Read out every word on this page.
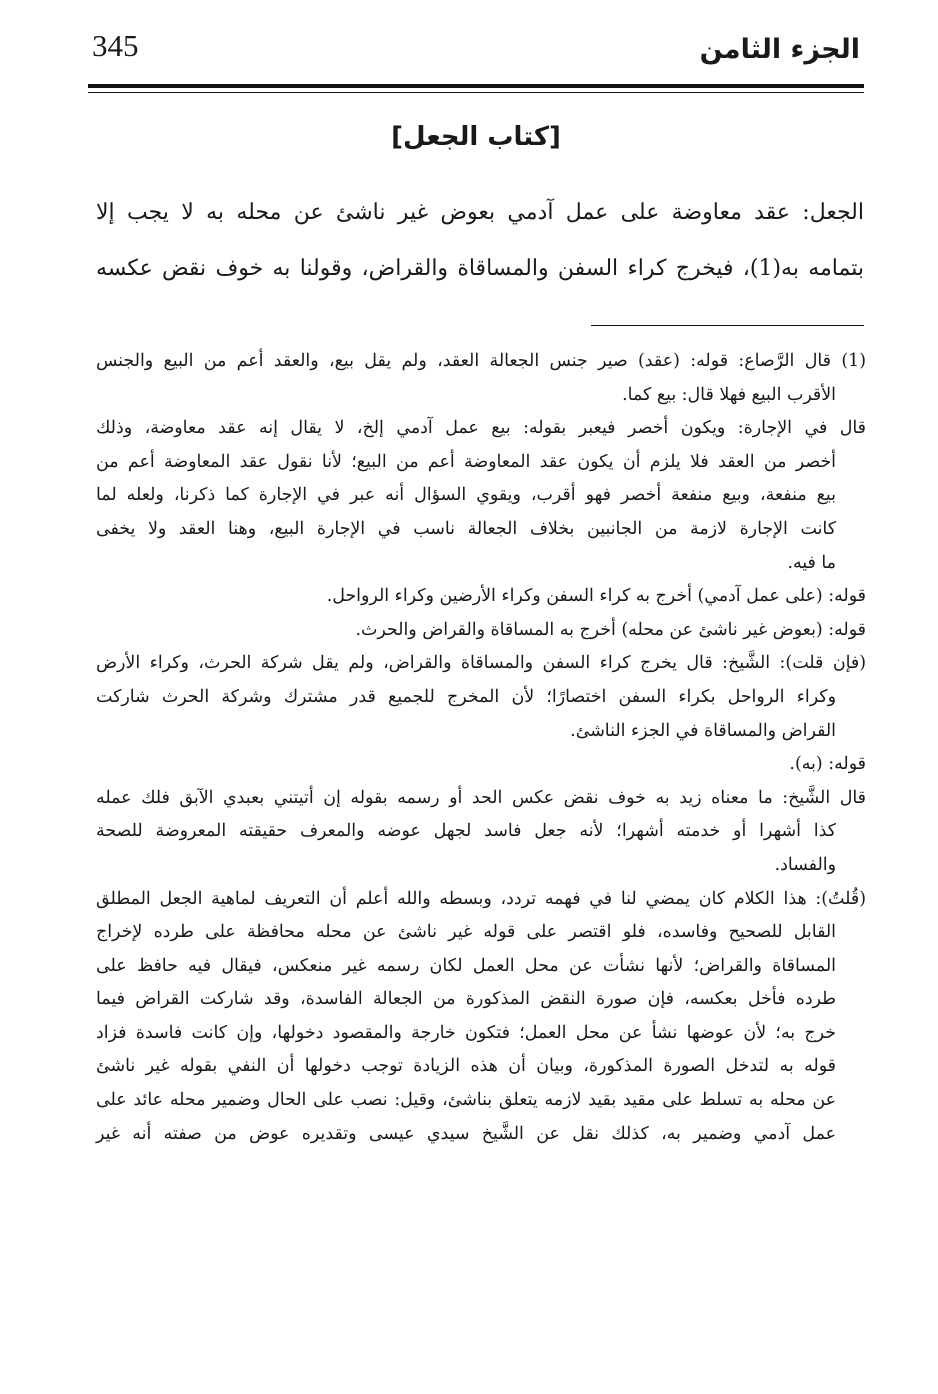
345	الجزء الثامن
[كتاب الجعل]
الجعل: عقد معاوضة على عمل آدمي بعوض غير ناشئ عن محله به لا يجب إلا
بتمامه به(1)، فيخرج كراء السفن والمساقاة والقراض، وقولنا به خوف نقض عكسه
(1) قال الرَّصاع: قوله: (عقد) صير جنس الجعالة العقد، ولم يقل بيع، والعقد أعم من البيع والجنس
الأقرب البيع فهلا قال: بيع كما.
قال في الإجارة: ويكون أخصر فيعبر بقوله: بيع عمل آدمي إلخ، لا يقال إنه عقد معاوضة، وذلك
أخصر من العقد فلا يلزم أن يكون عقد المعاوضة أعم من البيع؛ لأنا نقول عقد المعاوضة أعم من
بيع منفعة، وبيع منفعة أخصر فهو أقرب، ويقوي السؤال أنه عبر في الإجارة كما ذكرنا، ولعله لما
كانت الإجارة لازمة من الجانبين بخلاف الجعالة ناسب في الإجارة البيع، وهنا العقد ولا يخفى
ما فيه.
قوله: (على عمل آدمي) أخرج به كراء السفن وكراء الأرضين وكراء الرواحل.
قوله: (بعوض غير ناشئ عن محله) أخرج به المساقاة والقراض والحرث.
(فإن قلت): الشَّيخ: قال يخرج كراء السفن والمساقاة والقراض، ولم يقل شركة الحرث، وكراء الأرض
وكراء الرواحل بكراء السفن اختصارًا؛ لأن المخرج للجميع قدر مشترك وشركة الحرث شاركت
القراض والمساقاة في الجزء الناشئ.
قوله: (به).
قال الشَّيخ: ما معناه زيد به خوف نقض عكس الحد أو رسمه بقوله إن أتيتني بعبدي الآبق فلك عمله
كذا أشهرا أو خدمته أشهرا؛ لأنه جعل فاسد لجهل عوضه والمعرف حقيقته المعروضة للصحة
والفساد.
(قُلتُ): هذا الكلام كان يمضي لنا في فهمه تردد، وبسطه والله أعلم أن التعريف لماهية الجعل المطلق
القابل للصحيح وفاسده، فلو اقتصر على قوله غير ناشئ عن محله محافظة على طرده لإخراج
المساقاة والقراض؛ لأنها نشأت عن محل العمل لكان رسمه غير منعكس، فيقال فيه حافظ على
طرده فأخل بعكسه، فإن صورة النقض المذكورة من الجعالة الفاسدة، وقد شاركت القراض فيما
خرج به؛ لأن عوضها نشأ عن محل العمل؛ فتكون خارجة والمقصود دخولها، وإن كانت فاسدة فزاد
قوله به لتدخل الصورة المذكورة، وبيان أن هذه الزيادة توجب دخولها أن النفي بقوله غير ناشئ
عن محله به تسلط على مقيد بقيد لازمه يتعلق بناشئ، وقيل: نصب على الحال وضمير محله عائد على
عمل آدمي وضمير به، كذلك نقل عن الشَّيخ سيدي عيسى وتقديره عوض من صفته أنه غير
